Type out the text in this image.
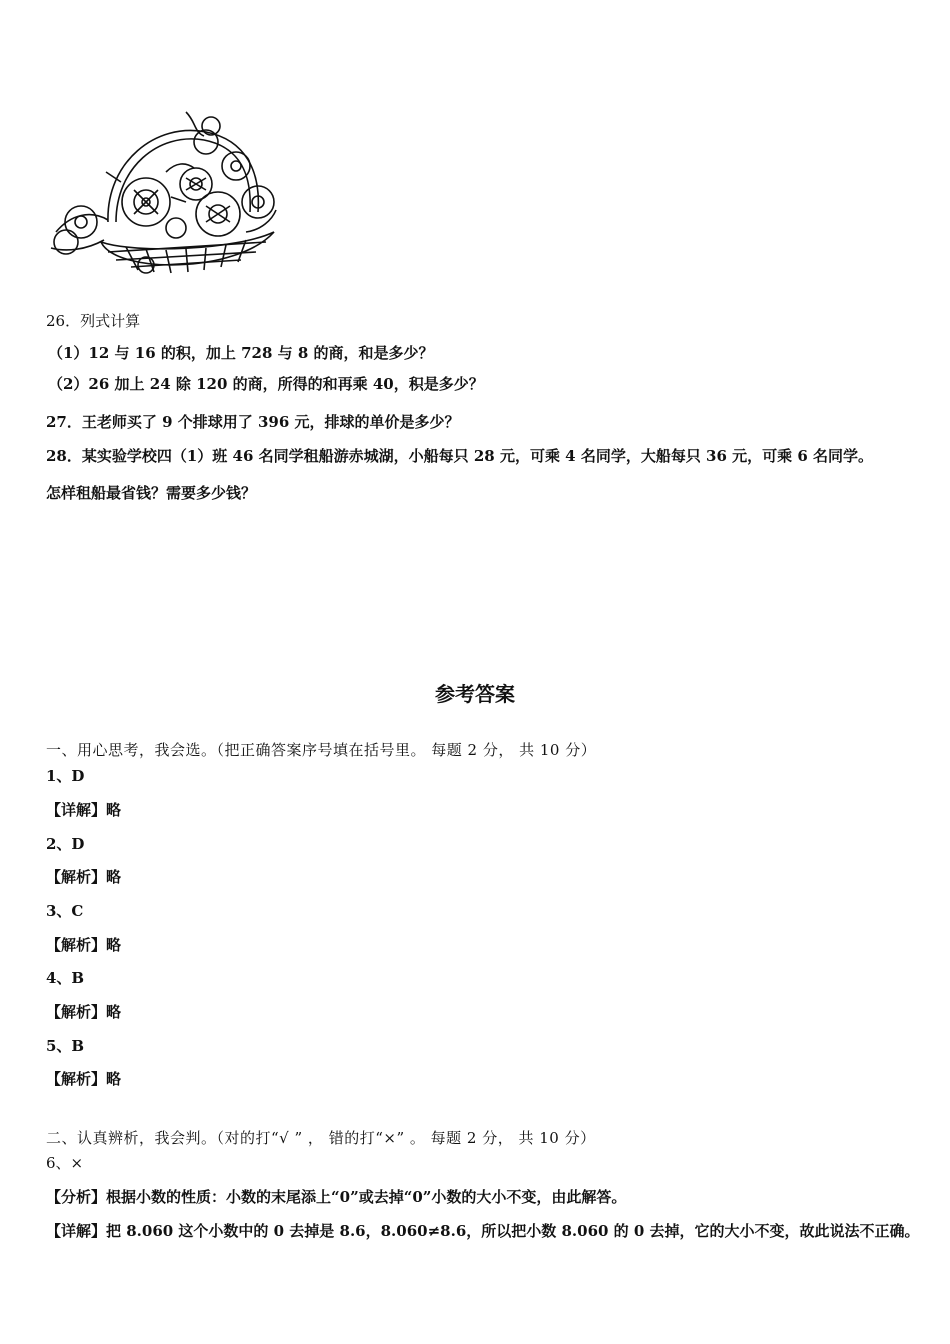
26．列式计算
（1）12 与 16 的积，加上 728 与 8 的商，和是多少？
（2）26 加上 24 除 120 的商，所得的和再乘 40，积是多少？
27．王老师买了 9 个排球用了 396 元，排球的单价是多少？
28．某实验学校四（1）班 46 名同学租船游赤城湖，小船每只 28 元，可乘 4 名同学，大船每只 36 元，可乘 6 名同学。
怎样租船最省钱？需要多少钱？
参考答案
一、用心思考，我会选。（把正确答案序号填在括号里。 每题 2 分， 共 10 分）
1、D
【详解】略
2、D
【解析】略
3、C
【解析】略
4、B
【解析】略
5、B
【解析】略
二、认真辨析，我会判。（对的打“√ ” ， 错的打“×” 。 每题 2 分， 共 10 分）
6、×
【分析】根据小数的性质：小数的末尾添上“0”或去掉“0”小数的大小不变，由此解答。
【详解】把 8.060 这个小数中的 0 去掉是 8.6，8.060≠8.6，所以把小数 8.060 的 0 去掉，它的大小不变，故此说法不正确。
